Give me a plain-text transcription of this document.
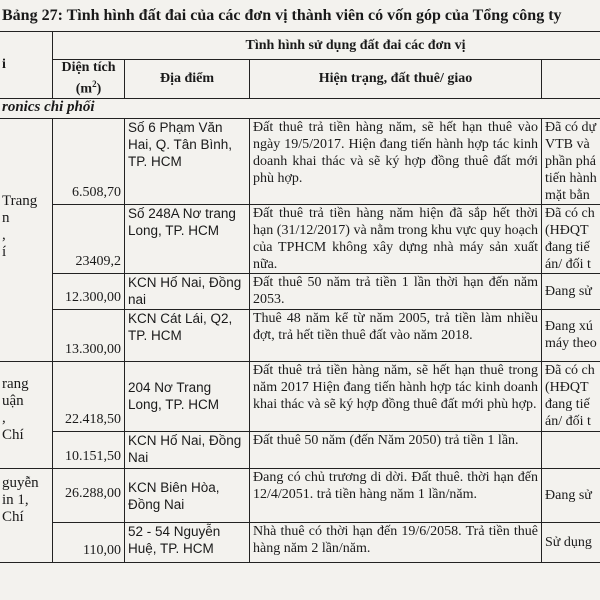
Bảng 27: Tình hình đất đai của các đơn vị thành viên có vốn góp của Tổng công ty
i	Tình hình sử dụng đất đai các đơn vị			
	Diện tích
$(m^2)$	Địa điểm	Hiện trạng, đất thuê/ giao	
ronics chi phối				
Trang
n
,
í	6.508,70	Số 6 Phạm Văn Hai, Q. Tân Bình, TP. HCM	Đất thuê trả tiền hàng năm, sẽ hết hạn thuê vào ngày 19/5/2017. Hiện đang tiến hành hợp tác kinh doanh khai thác và sẽ ký hợp đồng thuê đất mới phù hợp.	Đã có dự
VTB và
phần phá
tiến hành
mặt bằn
	23409,2	Số 248A Nơ trang Long, TP. HCM	Đất thuê trả tiền hàng năm hiện đã sắp hết thời hạn (31/12/2017) và nằm trong khu vực quy hoạch của TPHCM không xây dựng nhà máy sản xuất nữa.	Đã có ch
(HĐQT
đang tiế
án/ đối t
	12.300,00	KCN Hố Nai, Đồng nai	Đất thuê 50 năm trả tiền 1 lần thời hạn đến năm 2053.	Đang sử
	13.300,00	KCN Cát Lái, Q2, TP. HCM	Thuê 48 năm kể từ năm 2005, trả tiền làm nhiều đợt, trả hết tiền thuê đất vào năm 2018.	Đang xú
máy theo
rang
uận
,
Chí	22.418,50	204 Nơ Trang Long, TP. HCM	Đất thuê trả tiền hàng năm, sẽ hết hạn thuê trong năm 2017 Hiện đang tiến hành hợp tác kinh doanh khai thác và sẽ ký hợp đồng thuê đất mới phù hợp.	Đã có ch
(HĐQT
đang tiế
án/ đối t
	10.151,50	KCN Hố Nai, Đồng Nai	Đất thuê 50 năm (đến Năm 2050) trả tiền 1 lần.	
guyễn
in 1,
Chí	26.288,00	KCN Biên Hòa, Đồng Nai	Đang có chủ trương di dời. Đất thuê. thời hạn đến 12/4/2051. trả tiền hàng năm 1 lần/năm.	Đang sử
	110,00	52 - 54 Nguyễn Huệ, TP. HCM	Nhà thuê có thời hạn đến 19/6/2058. Trả tiền thuê hàng năm 2 lần/năm.	Sử dụng
